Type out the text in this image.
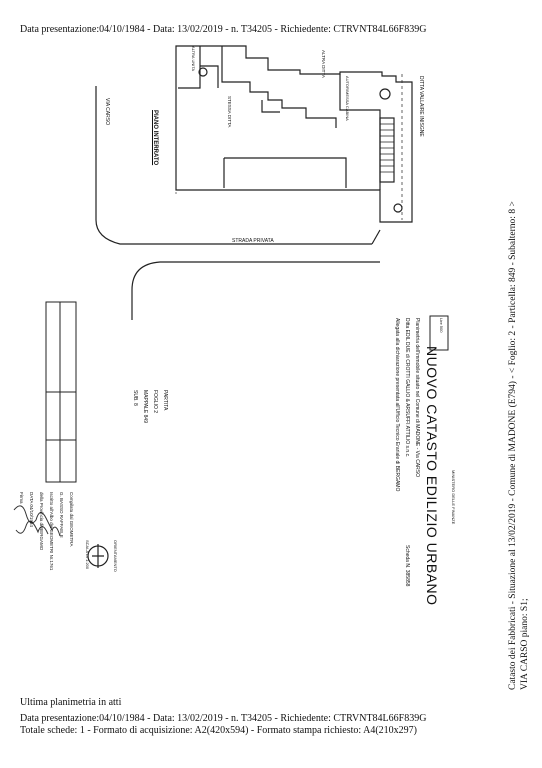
Data presentazione:04/10/1984 - Data: 13/02/2019 - n. T34205 - Richiedente: CTRVNT84L66F839G
VIA CARSO	PIANO INTERRATO
STRADA PRIVATA
DITTA VALLAIRE INISGNE
STESSA DITTA
ALTRA DITTA
ALTRA UNITA
AUTORIMESSA CABINA
NUOVO CATASTO EDILIZIO URBANO	MINISTERO DELLE FINANZE
Planimetria dell'immobile situato nel Comune di MADONE - Via CARSO
Ditta EDIL DUE di CROTTI GALLIO & ARSUFFI ATTILIO s.n.c.
Allegata alla dichiarazione presentata all'Ufficio Tecnico Erariale di BERGAMO
Scheda N. 385858
Lire 500
PARTITA
FOGLIO 2
MAPPALE 849
SUB. 8
ORIENTAMENTO
SCALA DI 1:200
Compilata dal GEOMETRA
G. BASSO RAFFAELE
Iscritto all'Albo dei GEOMETRI Nr.1761
della Provincia di BERGAMO
DATA 04/10/1984
Firma	Catasto dei Fabbricati - Situazione al 13/02/2019 - Comune di MADONE (E794) - < Foglio: 2 - Particella: 849 - Subalterno: 8 > VIA CARSO piano: S1;
Ultima planimetria in atti
Data presentazione:04/10/1984 - Data: 13/02/2019 - n. T34205 - Richiedente: CTRVNT84L66F839G
Totale schede: 1 - Formato di acquisizione: A2(420x594) - Formato stampa richiesto: A4(210x297)
